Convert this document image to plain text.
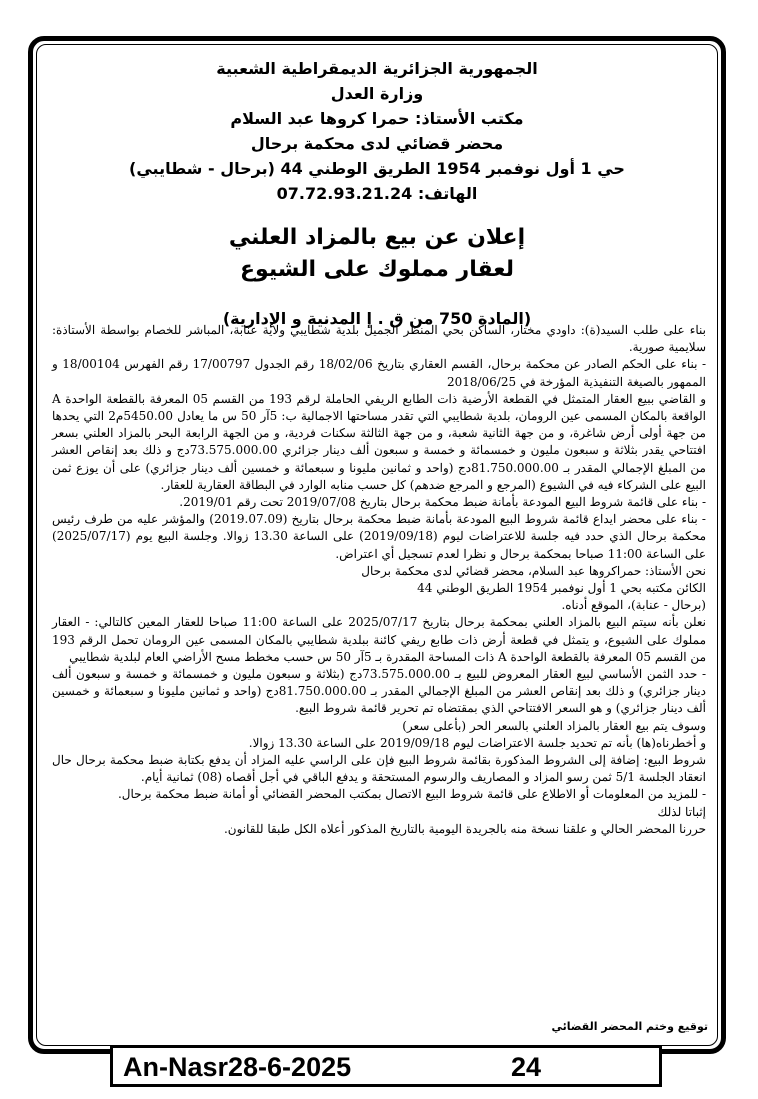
الجمهورية الجزائرية الديمقراطية الشعبية
وزارة العدل
مكتب الأستاذ: حمرا كروها عبد السلام
محضر قضائي لدى محكمة برحال
حي 1 أول نوفمبر 1954 الطريق الوطني 44 (برحال - شطايبي)
الهاتف: 07.72.93.21.24
إعلان عن بيع بالمزاد العلني
لعقار مملوك على الشيوع
(المادة 750 من ق . إ المدنية و الإدارية)

بناء على طلب السيد(ة): داودي مختار، الساكن بحي المنظر الجميل بلدية شطايبي ولاية عنابة، المباشر للخصام بواسطة الأستاذة: سلايمية صورية.

- بناء على الحكم الصادر عن محكمة برحال، القسم العقاري بتاريخ 18/02/06 رقم الجدول 17/00797 رقم الفهرس 18/00104 و الممهور بالصيغة التنفيذية المؤرخة في 2018/06/25

و القاضي ببيع العقار المتمثل في القطعة الأرضية ذات الطابع الريفي الحاملة لرقم 193 من القسم 05 المعرفة بالقطعة الواحدة A الواقعة بالمكان المسمى عين الرومان، بلدية شطايبي التي تقدر مساحتها الاجمالية ب: 5آر 50 س ما يعادل 5450.00م2 التي يحدها من جهة أولى أرض شاغرة، و من جهة الثانية شعبة، و من جهة الثالثة سكنات فردية، و من الجهة الرابعة البحر بالمزاد العلني بسعر افتتاحي يقدر بثلاثة و سبعون مليون و خمسمائة و خمسة و سبعون ألف دينار جزائري 73.575.000.00دج و ذلك بعد إنقاص العشر من المبلغ الإجمالي المقدر بـ 81.750.000.00دج (واحد و ثمانين مليونا و سبعمائة و خمسين ألف دينار جزائري) على أن يوزع ثمن البيع على الشركاء فيه في الشيوع (المرجع و المرجع ضدهم) كل حسب منابه الوارد في البطاقة العقارية للعقار.

- بناء على قائمة شروط البيع المودعة بأمانة ضبط محكمة برحال بتاريخ 2019/07/08 تحت رقم 2019/01.

- بناء على محضر ايداع قائمة شروط البيع المودعة بأمانة ضبط محكمة برحال بتاريخ (2019.07.09) والمؤشر عليه من طرف رئيس محكمة برحال الذي حدد فيه جلسة للاعتراضات ليوم (2019/09/18) على الساعة 13.30 زوالا. وجلسة البيع يوم (2025/07/17) على الساعة 11:00 صباحا بمحكمة برحال و نظرا لعدم تسجيل أي اعتراض.

نحن الأستاذ: حمراكروها عبد السلام، محضر قضائي لدى محكمة برحال

الكائن مكتبه بحي 1 أول نوفمبر 1954 الطريق الوطني 44

(برحال - عنابة)، الموقع أدناه.

نعلن بأنه سيتم البيع بالمزاد العلني بمحكمة برحال بتاريخ 2025/07/17 على الساعة 11:00 صباحا للعقار المعين كالتالي: - العقار مملوك على الشيوع، و يتمثل في قطعة أرض ذات طابع ريفي كائنة ببلدية شطايبي بالمكان المسمى عين الرومان تحمل الرقم 193 من القسم 05 المعرفة بالقطعة الواحدة A ذات المساحة المقدرة بـ 5آر 50 س حسب مخطط مسح الأراضي العام لبلدية شطايبي

- حدد الثمن الأساسي لبيع العقار المعروض للبيع بـ 73.575.000.00دج (بثلاثة و سبعون مليون و خمسمائة و خمسة و سبعون ألف دينار جزائري) و ذلك بعد إنقاص العشر من المبلغ الإجمالي المقدر بـ 81.750.000.00دج (واحد و ثمانين مليونا و سبعمائة و خمسين ألف دينار جزائري) و هو السعر الافتتاحي الذي بمقتضاه تم تحرير قائمة شروط البيع.

وسوف يتم بيع العقار بالمزاد العلني بالسعر الحر (بأعلى سعر)

و أخطرناه(ها) بأنه تم تحديد جلسة الاعتراضات ليوم 2019/09/18 على الساعة 13.30 زوالا.

شروط البيع: إضافة إلى الشروط المذكورة بقائمة شروط البيع فإن على الراسي عليه المزاد أن يدفع بكتابة ضبط محكمة برحال حال انعقاد الجلسة 5/1 ثمن رسو المزاد و المصاريف والرسوم المستحقة و يدفع الباقي في أجل أقصاه (08) ثمانية أيام.

- للمزيد من المعلومات أو الاطلاع على قائمة شروط البيع الاتصال بمكتب المحضر القضائي أو أمانة ضبط محكمة برحال.

إثباتا لذلك

حررنا المحضر الحالي و علقنا نسخة منه بالجريدة اليومية بالتاريخ المذكور أعلاه الكل طبقا للقانون.

توقيع وختم المحضر القضائي
An-Nasr28-6-2025	24
